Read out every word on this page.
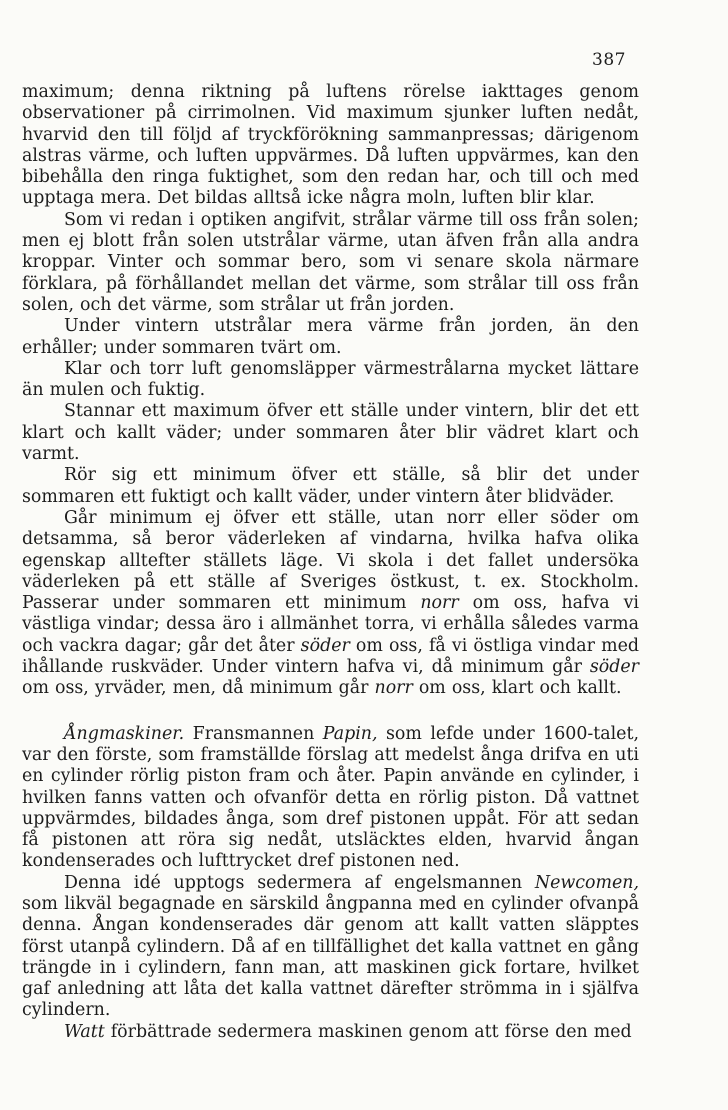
387

maximum; denna riktning på luftens rörelse iakttages genom observationer på cirrimolnen. Vid maximum sjunker luften nedåt, hvarvid den till följd af tryckförökning sammanpressas; därigenom alstras värme, och luften uppvärmes. Då luften uppvärmes, kan den bibehålla den ringa fuktighet, som den redan har, och till och med upptaga mera. Det bildas alltså icke några moln, luften blir klar.

Som vi redan i optiken angifvit, strålar värme till oss från solen; men ej blott från solen utstrålar värme, utan äfven från alla andra kroppar. Vinter och sommar bero, som vi senare skola närmare förklara, på förhållandet mellan det värme, som strålar till oss från solen, och det värme, som strålar ut från jorden.

Under vintern utstrålar mera värme från jorden, än den erhåller; under sommaren tvärt om.

Klar och torr luft genomsläpper värmestrålarna mycket lättare än mulen och fuktig.

Stannar ett maximum öfver ett ställe under vintern, blir det ett klart och kallt väder; under sommaren åter blir vädret klart och varmt.

Rör sig ett minimum öfver ett ställe, så blir det under sommaren ett fuktigt och kallt väder, under vintern åter blidväder.

Går minimum ej öfver ett ställe, utan norr eller söder om detsamma, så beror väderleken af vindarna, hvilka hafva olika egenskap alltefter ställets läge. Vi skola i det fallet undersöka väderleken på ett ställe af Sveriges östkust, t. ex. Stockholm. Passerar under sommaren ett minimum norr om oss, hafva vi västliga vindar; dessa äro i allmänhet torra, vi erhålla således varma och vackra dagar; går det åter söder om oss, få vi östliga vindar med ihållande ruskväder. Under vintern hafva vi, då minimum går söder om oss, yrväder, men, då minimum går norr om oss, klart och kallt.

Ångmaskiner. Fransmannen Papin, som lefde under 1600-talet, var den förste, som framställde förslag att medelst ånga drifva en uti en cylinder rörlig piston fram och åter. Papin använde en cylinder, i hvilken fanns vatten och ofvanför detta en rörlig piston. Då vattnet uppvärmdes, bildades ånga, som dref pistonen uppåt. För att sedan få pistonen att röra sig nedåt, utsläcktes elden, hvarvid ångan kondenserades och lufttrycket dref pistonen ned.

Denna idé upptogs sedermera af engelsmannen Newcomen, som likväl begagnade en särskild ångpanna med en cylinder ofvanpå denna. Ångan kondenserades där genom att kallt vatten släpptes först utanpå cylindern. Då af en tillfällighet det kalla vattnet en gång trängde in i cylindern, fann man, att maskinen gick fortare, hvilket gaf anledning att låta det kalla vattnet därefter strömma in i själfva cylindern.

Watt förbättrade sedermera maskinen genom att förse den med
